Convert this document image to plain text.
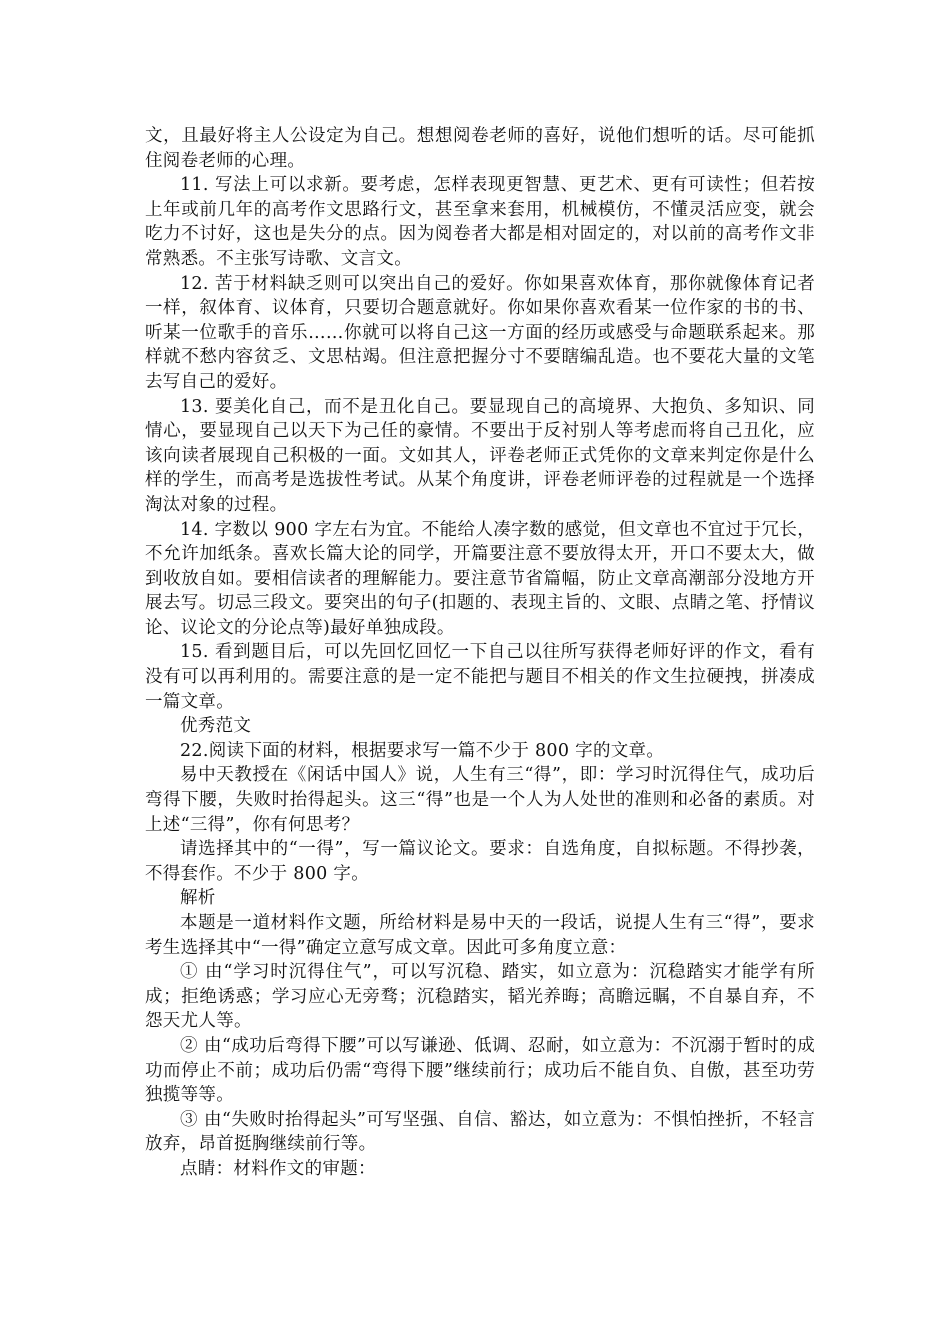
文，且最好将主人公设定为自己。想想阅卷老师的喜好，说他们想听的话。尽可能抓住阅卷老师的心理。

11. 写法上可以求新。要考虑，怎样表现更智慧、更艺术、更有可读性；但若按上年或前几年的高考作文思路行文，甚至拿来套用，机械模仿，不懂灵活应变，就会吃力不讨好，这也是失分的点。因为阅卷者大都是相对固定的，对以前的高考作文非常熟悉。不主张写诗歌、文言文。

12. 苦于材料缺乏则可以突出自己的爱好。你如果喜欢体育，那你就像体育记者一样，叙体育、议体育，只要切合题意就好。你如果你喜欢看某一位作家的书的书、听某一位歌手的音乐……你就可以将自己这一方面的经历或感受与命题联系起来。那样就不愁内容贫乏、文思枯竭。但注意把握分寸不要瞎编乱造。也不要花大量的文笔去写自己的爱好。

13. 要美化自己，而不是丑化自己。要显现自己的高境界、大抱负、多知识、同情心，要显现自己以天下为己任的豪情。不要出于反衬别人等考虑而将自己丑化，应该向读者展现自己积极的一面。文如其人，评卷老师正式凭你的文章来判定你是什么样的学生，而高考是选拔性考试。从某个角度讲，评卷老师评卷的过程就是一个选择淘汰对象的过程。

14. 字数以 900 字左右为宜。不能给人凑字数的感觉，但文章也不宜过于冗长，不允许加纸条。喜欢长篇大论的同学，开篇要注意不要放得太开，开口不要太大，做到收放自如。要相信读者的理解能力。要注意节省篇幅，防止文章高潮部分没地方开展去写。切忌三段文。要突出的句子(扣题的、表现主旨的、文眼、点睛之笔、抒情议论、议论文的分论点等)最好单独成段。

15. 看到题目后，可以先回忆回忆一下自己以往所写获得老师好评的作文，看有没有可以再利用的。需要注意的是一定不能把与题目不相关的作文生拉硬拽，拼凑成一篇文章。

优秀范文

22.阅读下面的材料，根据要求写一篇不少于 800 字的文章。

易中天教授在《闲话中国人》说，人生有三“得”，即：学习时沉得住气，成功后弯得下腰，失败时抬得起头。这三“得”也是一个人为人处世的准则和必备的素质。对上述“三得”，你有何思考？

请选择其中的“一得”，写一篇议论文。要求：自选角度，自拟标题。不得抄袭，不得套作。不少于 800 字。

解析

本题是一道材料作文题，所给材料是易中天的一段话，说提人生有三“得”，要求考生选择其中“一得”确定立意写成文章。因此可多角度立意：

① 由“学习时沉得住气”，可以写沉稳、踏实，如立意为：沉稳踏实才能学有所成；拒绝诱惑；学习应心无旁骛；沉稳踏实，韬光养晦；高瞻远瞩，不自暴自弃，不怨天尤人等。

② 由“成功后弯得下腰”可以写谦逊、低调、忍耐，如立意为：不沉溺于暂时的成功而停止不前；成功后仍需“弯得下腰”继续前行；成功后不能自负、自傲，甚至功劳独揽等等。

③ 由“失败时抬得起头”可写坚强、自信、豁达，如立意为：不惧怕挫折，不轻言放弃，昂首挺胸继续前行等。

点睛：材料作文的审题：
